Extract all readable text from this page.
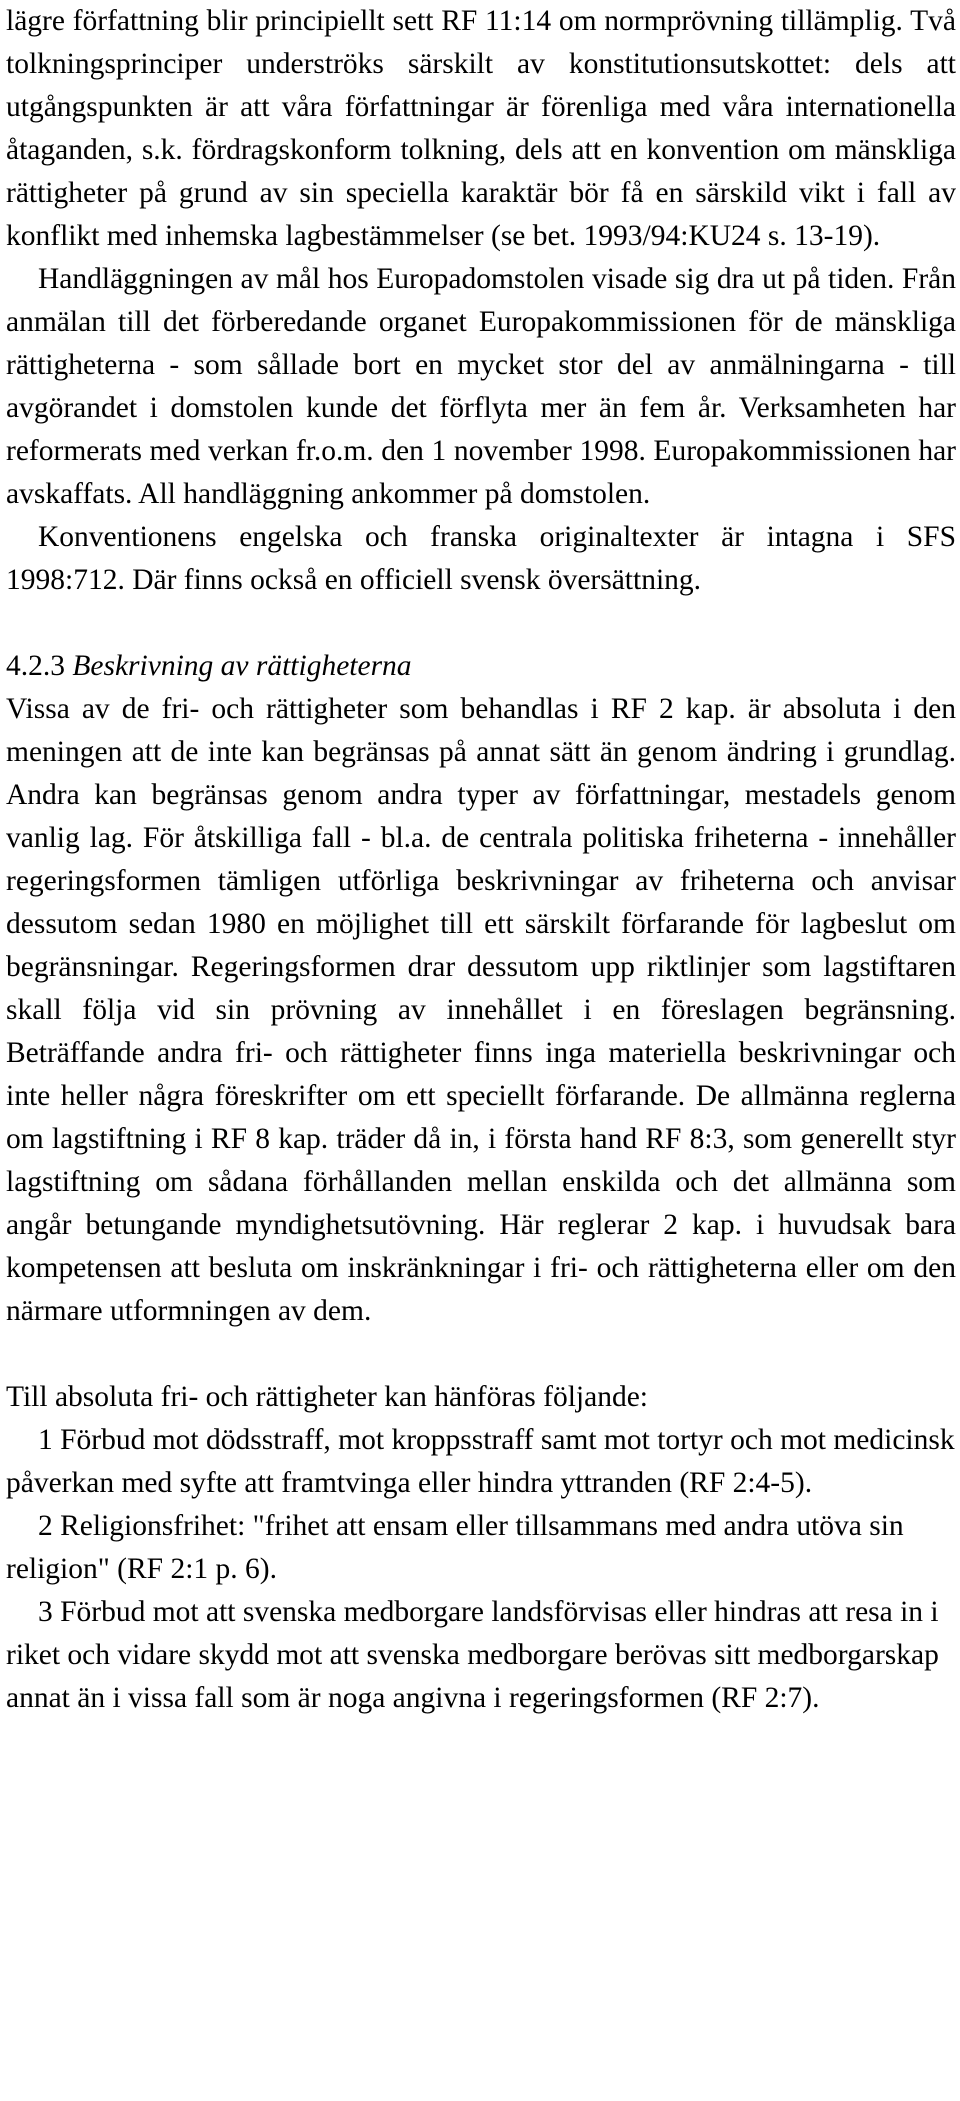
lägre författning blir principiellt sett RF 11:14 om normprövning tillämplig. Två tolkningsprinciper underströks särskilt av konstitutionsutskottet: dels att utgångspunkten är att våra författningar är förenliga med våra internationella åtaganden, s.k. fördragskonform tolkning, dels att en konvention om mänskliga rättigheter på grund av sin speciella karaktär bör få en särskild vikt i fall av konflikt med inhemska lagbestämmelser (se bet. 1993/94:KU24 s. 13-19).

Handläggningen av mål hos Europadomstolen visade sig dra ut på tiden. Från anmälan till det förberedande organet Europakommissionen för de mänskliga rättigheterna - som sållade bort en mycket stor del av anmälningarna - till avgörandet i domstolen kunde det förflyta mer än fem år. Verksamheten har reformerats med verkan fr.o.m. den 1 november 1998. Europakommissionen har avskaffats. All handläggning ankommer på domstolen.

Konventionens engelska och franska originaltexter är intagna i SFS 1998:712. Där finns också en officiell svensk översättning.

4.2.3 Beskrivning av rättigheterna

Vissa av de fri- och rättigheter som behandlas i RF 2 kap. är absoluta i den meningen att de inte kan begränsas på annat sätt än genom ändring i grundlag. Andra kan begränsas genom andra typer av författningar, mestadels genom vanlig lag. För åtskilliga fall - bl.a. de centrala politiska friheterna - innehåller regeringsformen tämligen utförliga beskrivningar av friheterna och anvisar dessutom sedan 1980 en möjlighet till ett särskilt förfarande för lagbeslut om begränsningar. Regeringsformen drar dessutom upp riktlinjer som lagstiftaren skall följa vid sin prövning av innehållet i en föreslagen begränsning. Beträffande andra fri- och rättigheter finns inga materiella beskrivningar och inte heller några föreskrifter om ett speciellt förfarande. De allmänna reglerna om lagstiftning i RF 8 kap. träder då in, i första hand RF 8:3, som generellt styr lagstiftning om sådana förhållanden mellan enskilda och det allmänna som angår betungande myndighetsutövning. Här reglerar 2 kap. i huvudsak bara kompetensen att besluta om inskränkningar i fri- och rättigheterna eller om den närmare utformningen av dem.

Till absoluta fri- och rättigheter kan hänföras följande:

1 Förbud mot dödsstraff, mot kroppsstraff samt mot tortyr och mot medicinsk påverkan med syfte att framtvinga eller hindra yttranden (RF 2:4-5).

2 Religionsfrihet: "frihet att ensam eller tillsammans med andra utöva sin religion" (RF 2:1 p. 6).

3 Förbud mot att svenska medborgare landsförvisas eller hindras att resa in i riket och vidare skydd mot att svenska medborgare berövas sitt medborgarskap annat än i vissa fall som är noga angivna i regeringsformen (RF 2:7).
